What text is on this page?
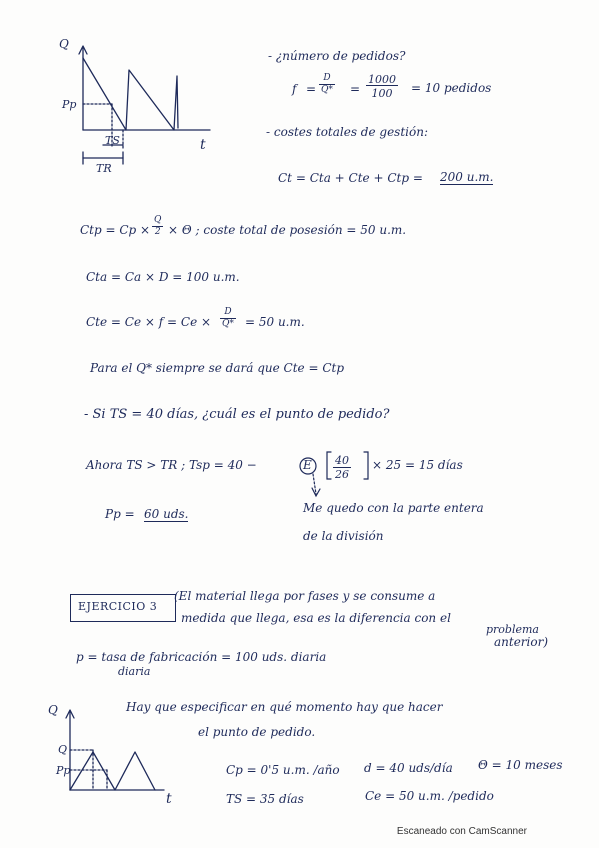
Q
t
Pp
TS
TR
- ¿número de pedidos?
f =
D
$Q* = \frac{1000}{100} = 10$ pedidos
- costes totales de gestión:
Ct = Cta + Cte + Ctp = 200 u.m.
Ctp = Cp ×
Q
2 × Θ ; coste total de posesión = 50 u.m.
Cta = Ca × D = 100 u.m.
Cte = Ce × f = Ce ×
D
Q* = 50 u.m.
Para el Q* siempre se dará que Cte = Ctp
- Si TS = 40 días, ¿cuál es el punto de pedido?
Ahora TS > TR ; Tsp = 40 −	E 40
26
× 25 = 15 días
Pp = 60 uds.	Me quedo con la parte entera
de la división
EJERCICIO 3
(El material llega por fases y se consume a
medida que llega, esa es la diferencia con el
problema
anterior)
p = tasa de fabricación = 100 uds. diaria
diaria
Hay que especificar en qué momento hay que hacer
el punto de pedido.
Q
t
Q
Pp	Cp = 0'5 u.m. /año d = 40 uds/día Θ = 10 meses
TS = 35 días	Ce = 50 u.m. /pedido
Escaneado con CamScanner
